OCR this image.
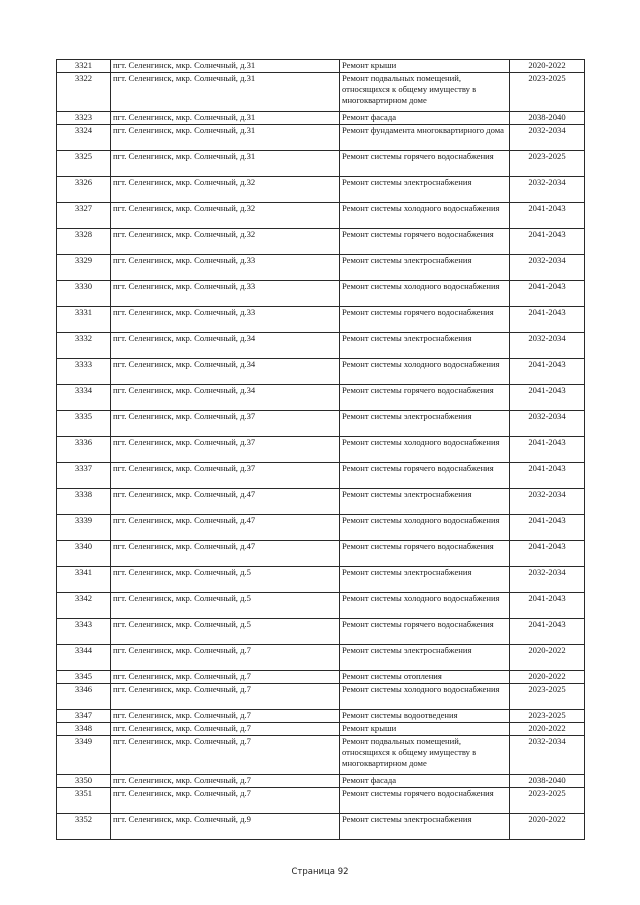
3321	пгт. Селенгинск, мкр. Солнечный, д.31	Ремонт крыши	2020-2022
3322	пгт. Селенгинск, мкр. Солнечный, д.31	Ремонт подвальных помещений, относящихся к общему имуществу в многоквартирном доме	2023-2025
3323	пгт. Селенгинск, мкр. Солнечный, д.31	Ремонт фасада	2038-2040
3324	пгт. Селенгинск, мкр. Солнечный, д.31	Ремонт фундамента многоквартирного дома	2032-2034
3325	пгт. Селенгинск, мкр. Солнечный, д.31	Ремонт системы горячего водоснабжения	2023-2025
3326	пгт. Селенгинск, мкр. Солнечный, д.32	Ремонт системы электроснабжения	2032-2034
3327	пгт. Селенгинск, мкр. Солнечный, д.32	Ремонт системы холодного водоснабжения	2041-2043
3328	пгт. Селенгинск, мкр. Солнечный, д.32	Ремонт системы горячего водоснабжения	2041-2043
3329	пгт. Селенгинск, мкр. Солнечный, д.33	Ремонт системы электроснабжения	2032-2034
3330	пгт. Селенгинск, мкр. Солнечный, д.33	Ремонт системы холодного водоснабжения	2041-2043
3331	пгт. Селенгинск, мкр. Солнечный, д.33	Ремонт системы горячего водоснабжения	2041-2043
3332	пгт. Селенгинск, мкр. Солнечный, д.34	Ремонт системы электроснабжения	2032-2034
3333	пгт. Селенгинск, мкр. Солнечный, д.34	Ремонт системы холодного водоснабжения	2041-2043
3334	пгт. Селенгинск, мкр. Солнечный, д.34	Ремонт системы горячего водоснабжения	2041-2043
3335	пгт. Селенгинск, мкр. Солнечный, д.37	Ремонт системы электроснабжения	2032-2034
3336	пгт. Селенгинск, мкр. Солнечный, д.37	Ремонт системы холодного водоснабжения	2041-2043
3337	пгт. Селенгинск, мкр. Солнечный, д.37	Ремонт системы горячего водоснабжения	2041-2043
3338	пгт. Селенгинск, мкр. Солнечный, д.47	Ремонт системы электроснабжения	2032-2034
3339	пгт. Селенгинск, мкр. Солнечный, д.47	Ремонт системы холодного водоснабжения	2041-2043
3340	пгт. Селенгинск, мкр. Солнечный, д.47	Ремонт системы горячего водоснабжения	2041-2043
3341	пгт. Селенгинск, мкр. Солнечный, д.5	Ремонт системы электроснабжения	2032-2034
3342	пгт. Селенгинск, мкр. Солнечный, д.5	Ремонт системы холодного водоснабжения	2041-2043
3343	пгт. Селенгинск, мкр. Солнечный, д.5	Ремонт системы горячего водоснабжения	2041-2043
3344	пгт. Селенгинск, мкр. Солнечный, д.7	Ремонт системы электроснабжения	2020-2022
3345	пгт. Селенгинск, мкр. Солнечный, д.7	Ремонт системы отопления	2020-2022
3346	пгт. Селенгинск, мкр. Солнечный, д.7	Ремонт системы холодного водоснабжения	2023-2025
3347	пгт. Селенгинск, мкр. Солнечный, д.7	Ремонт системы водоотведения	2023-2025
3348	пгт. Селенгинск, мкр. Солнечный, д.7	Ремонт крыши	2020-2022
3349	пгт. Селенгинск, мкр. Солнечный, д.7	Ремонт подвальных помещений, относящихся к общему имуществу в многоквартирном доме	2032-2034
3350	пгт. Селенгинск, мкр. Солнечный, д.7	Ремонт фасада	2038-2040
3351	пгт. Селенгинск, мкр. Солнечный, д.7	Ремонт системы горячего водоснабжения	2023-2025
3352	пгт. Селенгинск, мкр. Солнечный, д.9	Ремонт системы электроснабжения	2020-2022
Страница 92
